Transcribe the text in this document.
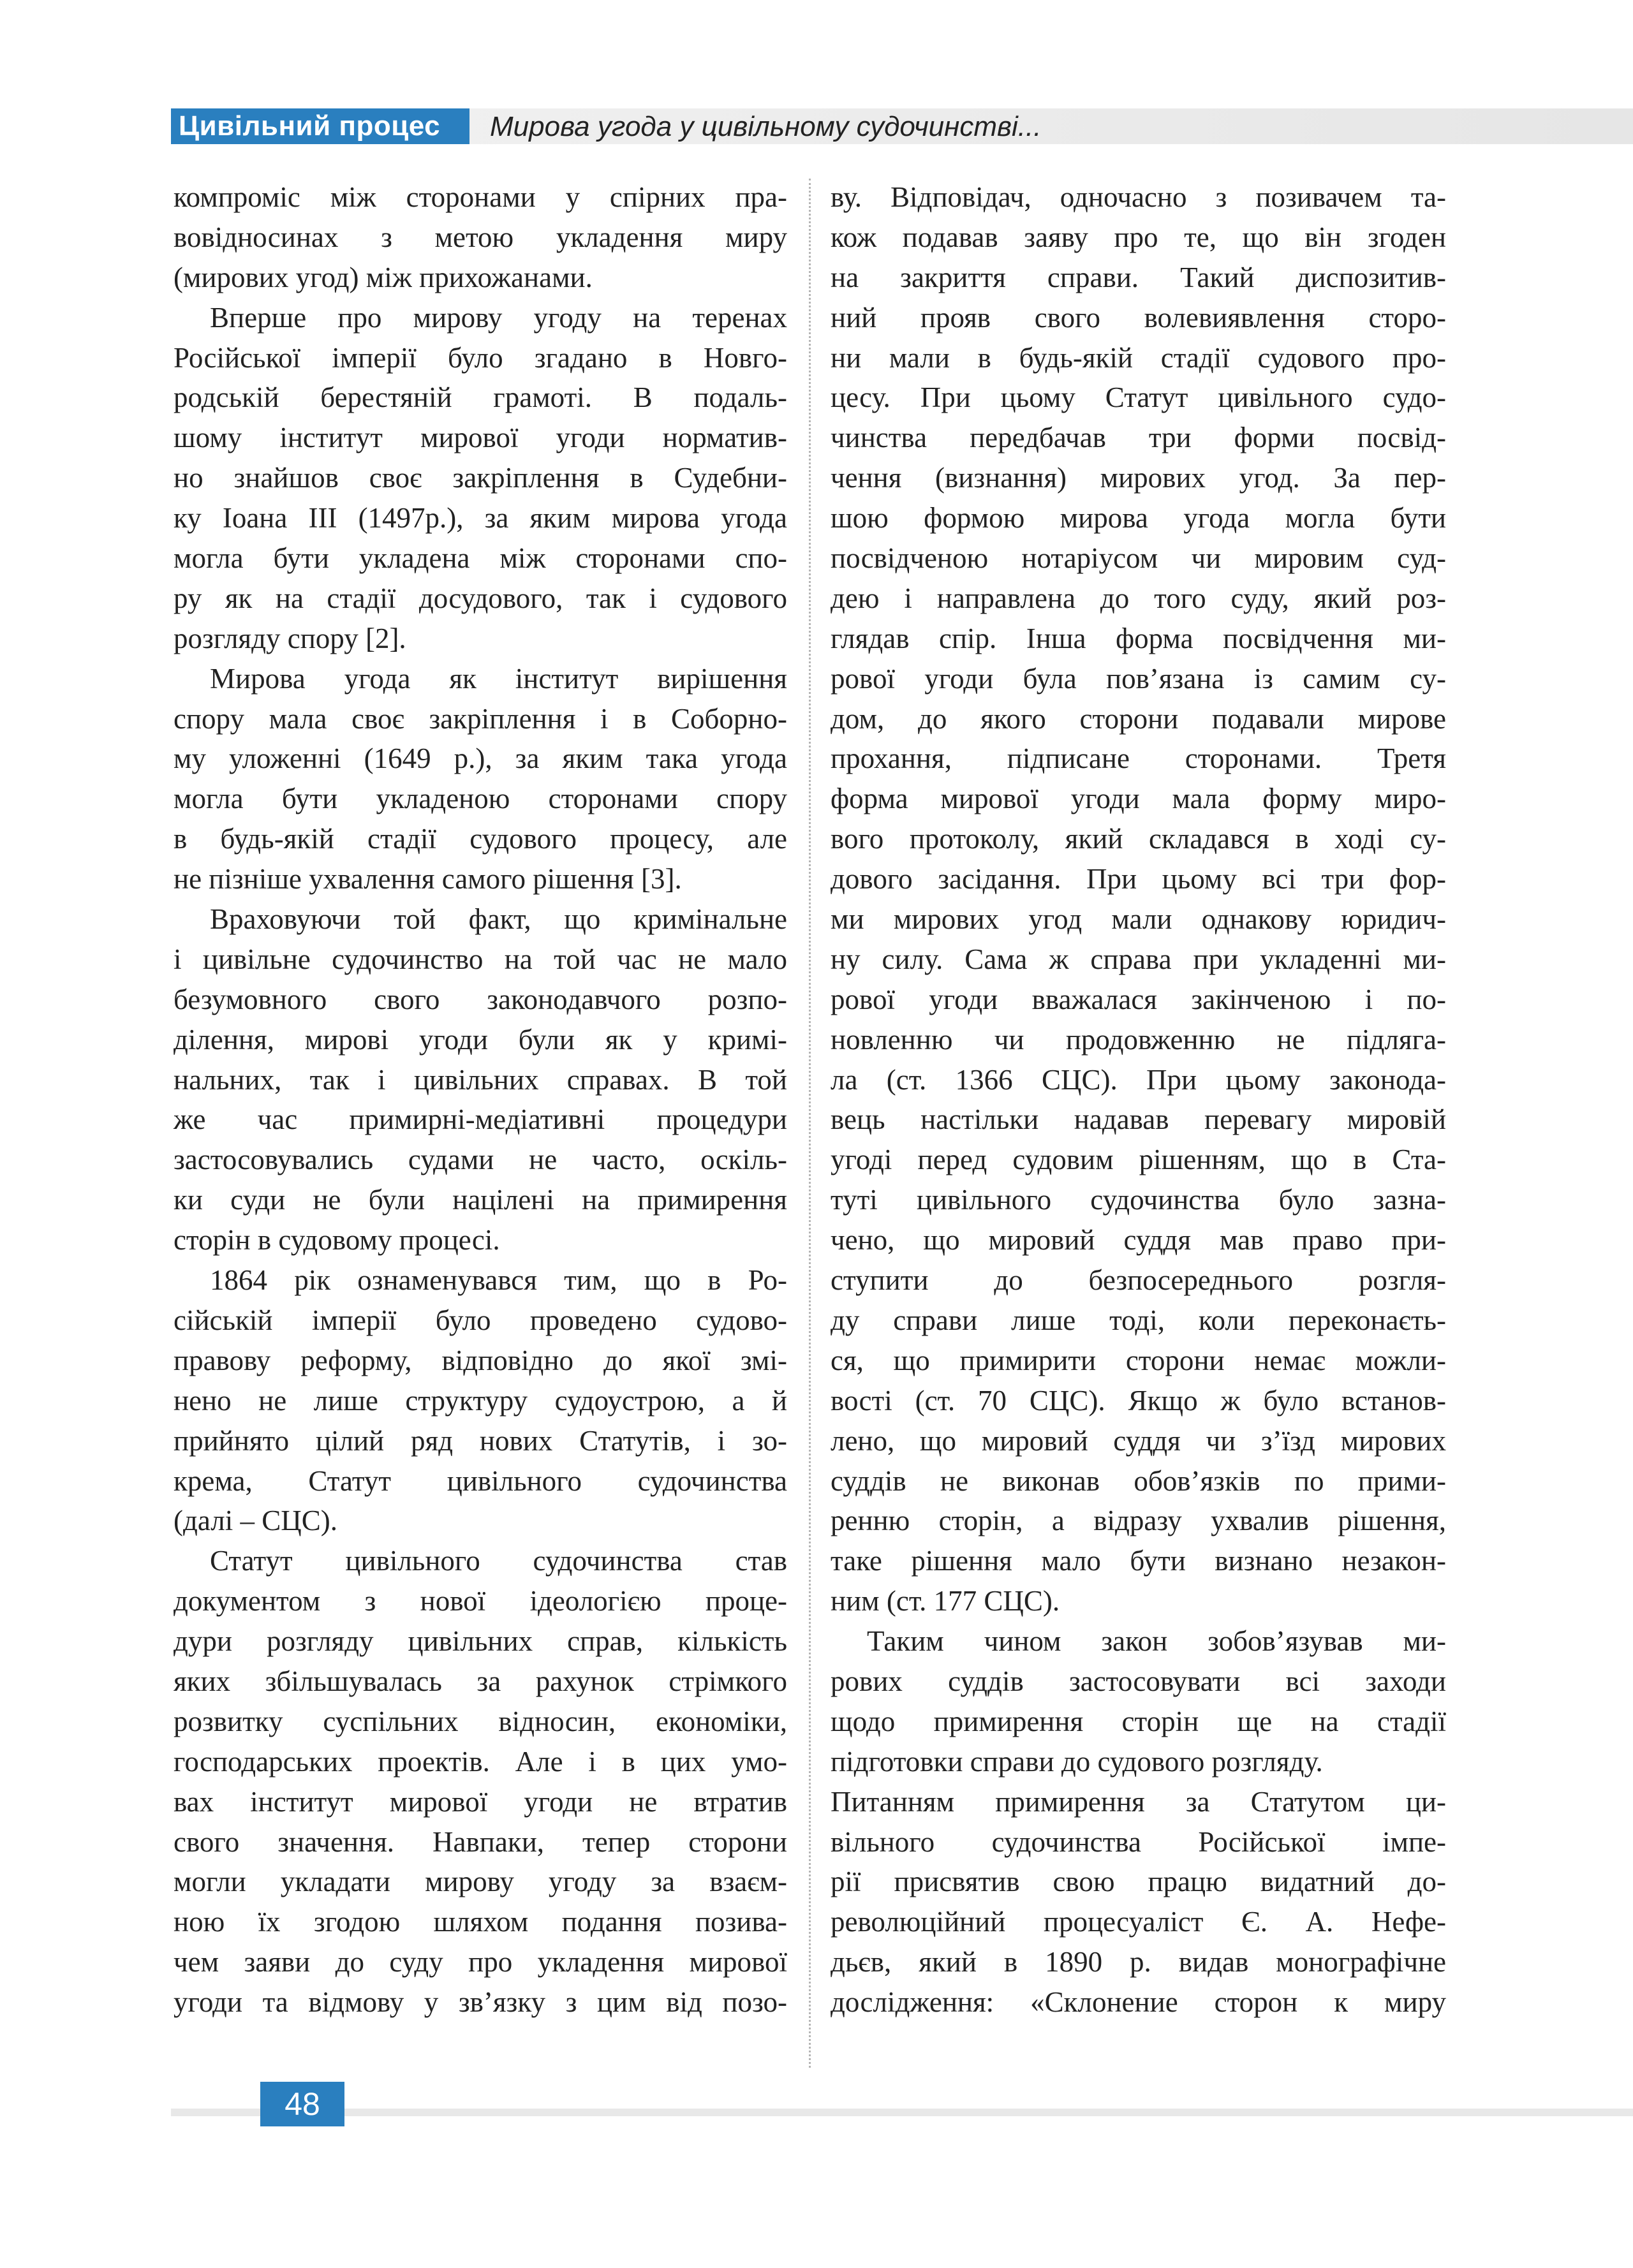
Цивільний процес	Мирова угода у цивільному судочинстві...
компроміс між сторонами у спірних пра-
вовідносинах з метою укладення миру
(мирових угод) між прихожанами.
Вперше про мирову угоду на теренах
Російської імперії було згадано в Новго-
родській берестяній грамоті. В подаль-
шому інститут мирової угоди норматив-
но знайшов своє закріплення в Судебни-
ку Іоана ІІІ (1497р.), за яким мирова угода
могла бути укладена між сторонами спо-
ру як на стадії досудового, так і судового
розгляду спору [2].
Мирова угода як інститут вирішення
спору мала своє закріплення і в Соборно-
му уложенні (1649 р.), за яким така угода
могла бути укладеною сторонами спору
в будь-якій стадії судового процесу, але
не пізніше ухвалення самого рішення [3].
Враховуючи той факт, що кримінальне
і цивільне судочинство на той час не мало
безумовного свого законодавчого розпо-
ділення, мирові угоди були як у кримі-
нальних, так і цивільних справах. В той
же час примирні-медіативні процедури
застосовувались судами не часто, оскіль-
ки суди не були націлені на примирення
сторін в судовому процесі.
1864 рік ознаменувався тим, що в Ро-
сійській імперії було проведено судово-
правову реформу, відповідно до якої змі-
нено не лише структуру судоустрою, а й
прийнято цілий ряд нових Статутів, і зо-
крема, Статут цивільного судочинства
(далі – СЦС).
Статут цивільного судочинства став
документом з нової ідеологією проце-
дури розгляду цивільних справ, кількість
яких збільшувалась за рахунок стрімкого
розвитку суспільних відносин, економіки,
господарських проектів. Але і в цих умо-
вах інститут мирової угоди не втратив
свого значення. Навпаки, тепер сторони
могли укладати мирову угоду за взаєм-
ною їх згодою шляхом подання позива-
чем заяви до суду про укладення мирової
угоди та відмову у зв’язку з цим від позо-
ву. Відповідач, одночасно з позивачем та-
кож подавав заяву про те, що він згоден
на закриття справи. Такий диспозитив-
ний прояв свого волевиявлення сторо-
ни мали в будь-якій стадії судового про-
цесу. При цьому Статут цивільного судо-
чинства передбачав три форми посвід-
чення (визнання) мирових угод. За пер-
шою формою мирова угода могла бути
посвідченою нотаріусом чи мировим суд-
дею і направлена до того суду, який роз-
глядав спір. Інша форма посвідчення ми-
рової угоди була пов’язана із самим су-
дом, до якого сторони подавали мирове
прохання, підписане сторонами. Третя
форма мирової угоди мала форму миро-
вого протоколу, який складався в ході су-
дового засідання. При цьому всі три фор-
ми мирових угод мали однакову юридич-
ну силу. Сама ж справа при укладенні ми-
рової угоди вважалася закінченою і по-
новленню чи продовженню не підляга-
ла (ст. 1366 СЦС). При цьому законода-
вець настільки надавав перевагу мировій
угоді перед судовим рішенням, що в Ста-
туті цивільного судочинства було зазна-
чено, що мировий суддя мав право при-
ступити до безпосереднього розгля-
ду справи лише тоді, коли переконаєть-
ся, що примирити сторони немає можли-
вості (ст. 70 СЦС). Якщо ж було встанов-
лено, що мировий суддя чи з’їзд мирових
суддів не виконав обов’язків по прими-
ренню сторін, а відразу ухвалив рішення,
таке рішення мало бути визнано незакон-
ним (ст. 177 СЦС).
Таким чином закон зобов’язував ми-
рових суддів застосовувати всі заходи
щодо примирення сторін ще на стадії
підготовки справи до судового розгляду.
Питанням примирення за Статутом ци-
вільного судочинства Російської імпе-
рії присвятив свою працю видатний до-
революційний процесуаліст Є. А. Нефе-
дьєв, який в 1890 р. видав монографічне
дослідження: «Склонение сторон к миру
48
